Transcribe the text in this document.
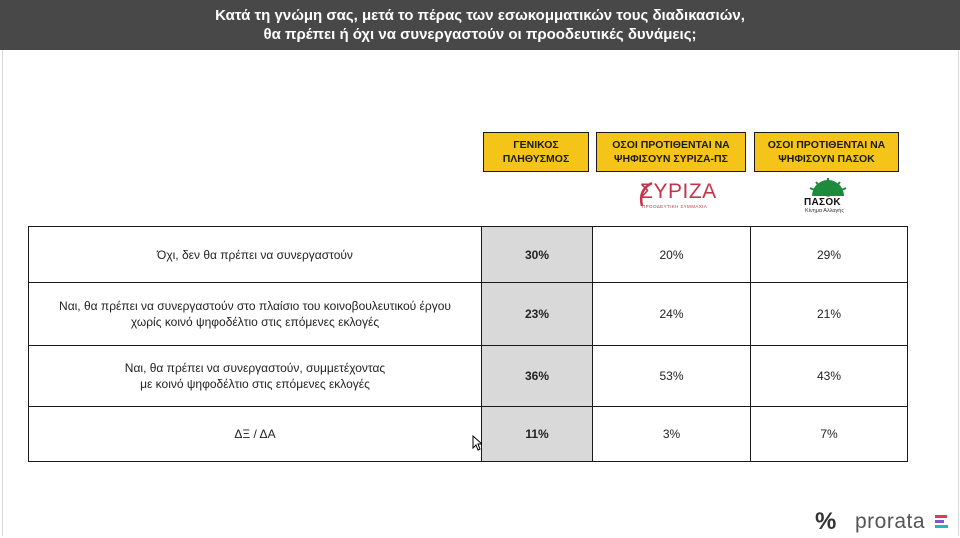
Κατά τη γνώμη σας, μετά το πέρας των εσωκομματικών τους διαδικασιών,
θα πρέπει ή όχι να συνεργαστούν οι προοδευτικές δυνάμεις;
ΓΕΝΙΚΟΣ
ΠΛΗΘΥΣΜΟΣ
ΟΣΟΙ ΠΡΟΤΙΘΕΝΤΑΙ ΝΑ
ΨΗΦΙΣΟΥΝ ΣΥΡΙΖΑ-ΠΣ
ΟΣΟΙ ΠΡΟΤΙΘΕΝΤΑΙ ΝΑ
ΨΗΦΙΣΟΥΝ ΠΑΣΟΚ
ΣΥΡΙΖΑ
ΠΡΟΟΔΕΥΤΙΚΗ ΣΥΜΜΑΧΙΑ	ΠΑΣΟΚ
Κίνημα Αλλαγής
Όχι, δεν θα πρέπει να συνεργαστούν	30%	20%	29%

Ναι, θα πρέπει να συνεργαστούν στο πλαίσιο του κοινοβουλευτικού έργου
χωρίς κοινό ψηφοδέλτιο στις επόμενες εκλογές	23%	24%	21%

Ναι, θα πρέπει να συνεργαστούν, συμμετέχοντας
με κοινό ψηφοδέλτιο στις επόμενες εκλογές	36%	53%	43%

ΔΞ / ΔΑ	11%	3%	7%
% prorata
